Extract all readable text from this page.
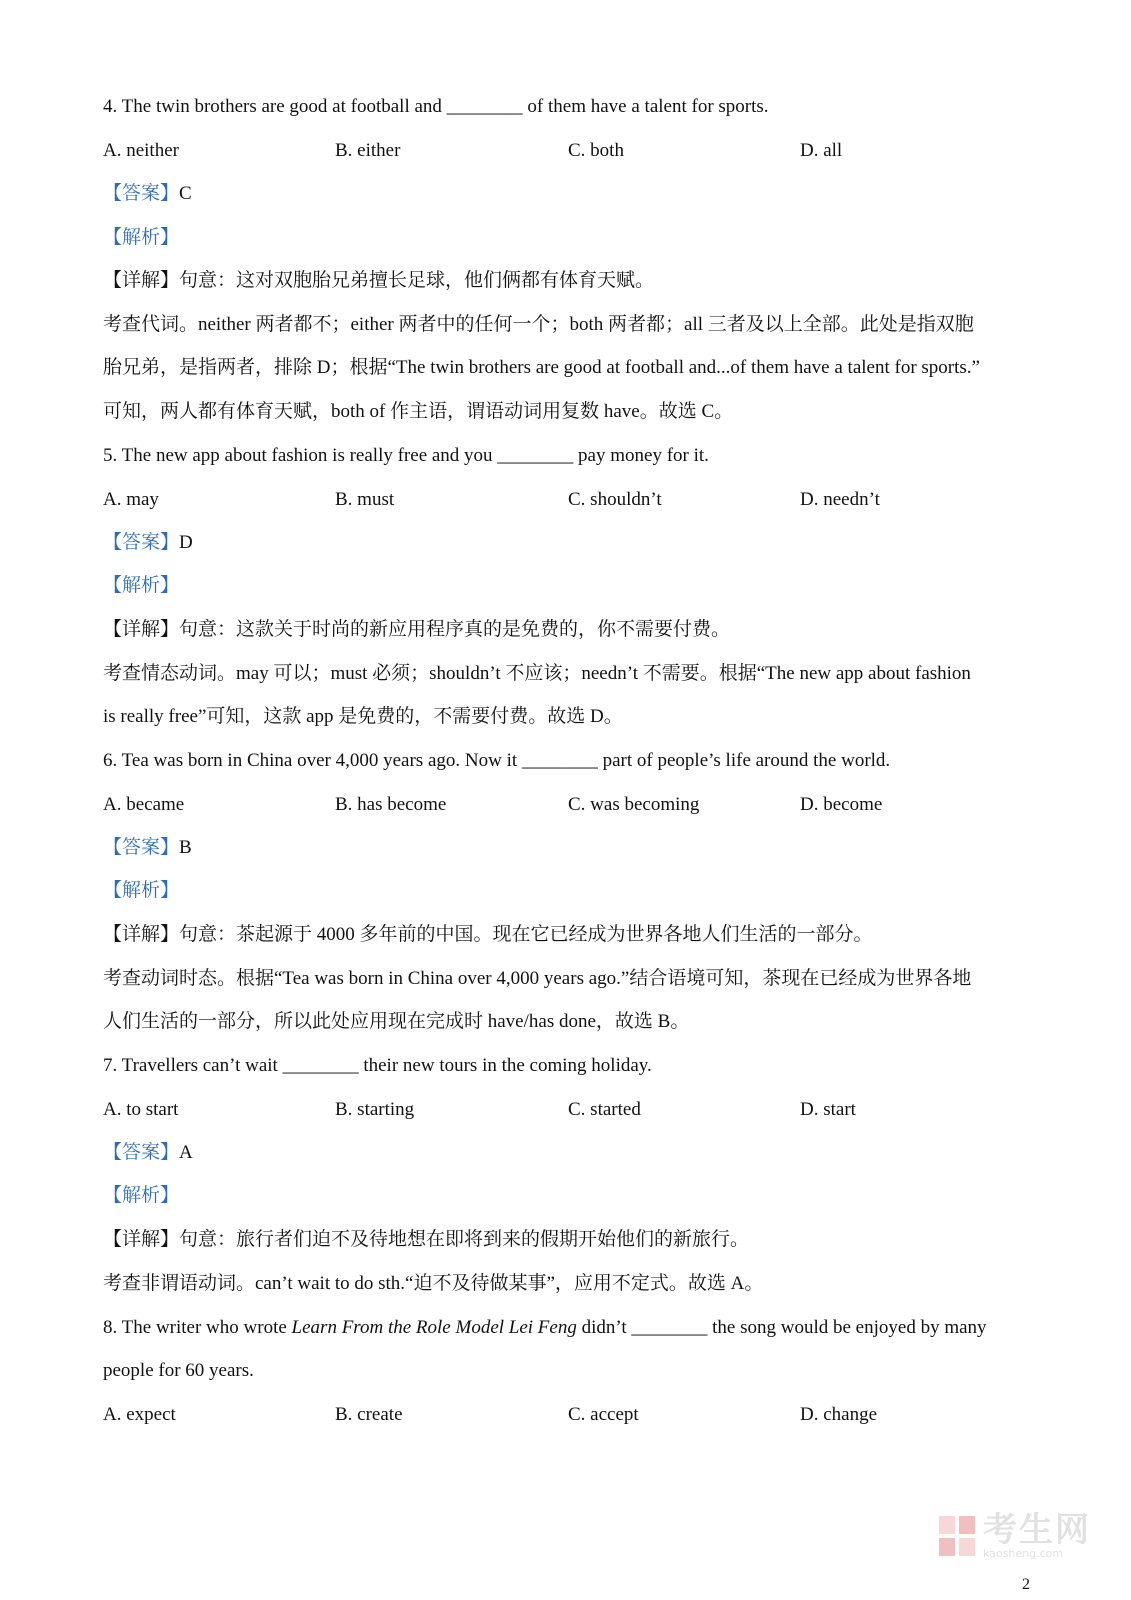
4. The twin brothers are good at football and ________ of them have a talent for sports.

A. neither	B. either	C. both	D. all

【答案】C

【解析】

【详解】句意：这对双胞胎兄弟擅长足球，他们俩都有体育天赋。

考查代词。neither 两者都不；either 两者中的任何一个；both 两者都；all 三者及以上全部。此处是指双胞

胎兄弟，是指两者，排除 D；根据“The twin brothers are good at football and...of them have a talent for sports.”

可知，两人都有体育天赋，both of 作主语，谓语动词用复数 have。故选 C。

5. The new app about fashion is really free and you ________ pay money for it.

A. may	B. must	C. shouldn’t	D. needn’t

【答案】D

【解析】

【详解】句意：这款关于时尚的新应用程序真的是免费的，你不需要付费。

考查情态动词。may 可以；must 必须；shouldn’t 不应该；needn’t 不需要。根据“The new app about fashion

is really free”可知，这款 app 是免费的，不需要付费。故选 D。

6. Tea was born in China over 4,000 years ago. Now it ________ part of people’s life around the world.

A. became	B. has become	C. was becoming	D. become

【答案】B

【解析】

【详解】句意：茶起源于 4000 多年前的中国。现在它已经成为世界各地人们生活的一部分。

考查动词时态。根据“Tea was born in China over 4,000 years ago.”结合语境可知，茶现在已经成为世界各地

人们生活的一部分，所以此处应用现在完成时 have/has done，故选 B。

7. Travellers can’t wait ________ their new tours in the coming holiday.

A. to start	B. starting	C. started	D. start

【答案】A

【解析】

【详解】句意：旅行者们迫不及待地想在即将到来的假期开始他们的新旅行。

考查非谓语动词。can’t wait to do sth.“迫不及待做某事”，应用不定式。故选 A。

8. The writer who wrote Learn From the Role Model Lei Feng didn’t ________ the song would be enjoyed by many

people for 60 years.

A. expect	B. create	C. accept	D. change
考生网
kaosheng.com
2
